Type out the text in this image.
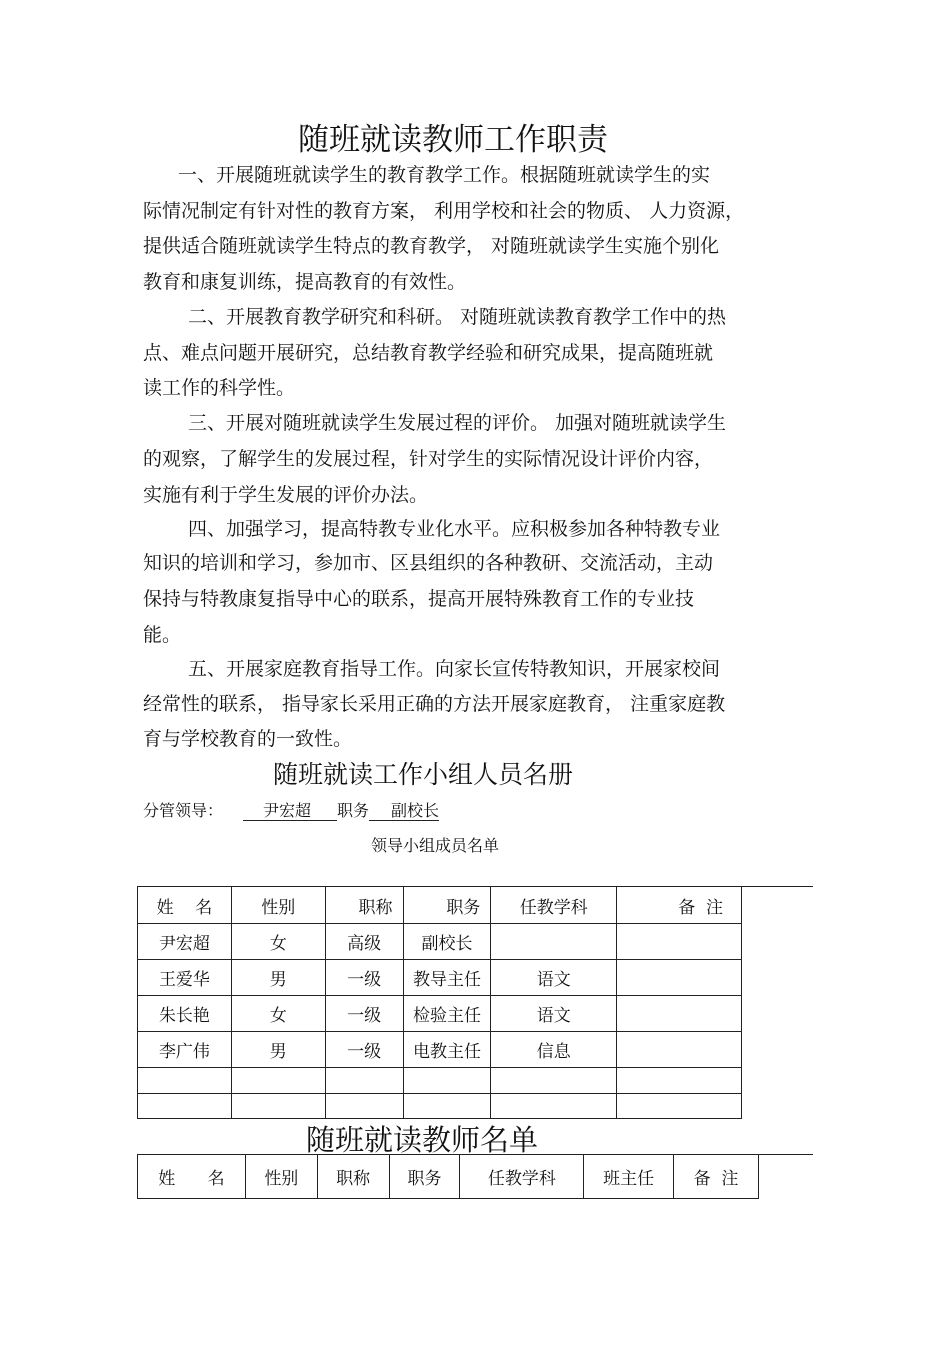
随班就读教师工作职责
一、开展随班就读学生的教育教学工作。根据随班就读学生的实
际情况制定有针对性的教育方案， 利用学校和社会的物质、 人力资源，
提供适合随班就读学生特点的教育教学， 对随班就读学生实施个别化
教育和康复训练，提高教育的有效性。
二、开展教育教学研究和科研。 对随班就读教育教学工作中的热
点、难点问题开展研究，总结教育教学经验和研究成果，提高随班就
读工作的科学性。
三、开展对随班就读学生发展过程的评价。 加强对随班就读学生
的观察，了解学生的发展过程，针对学生的实际情况设计评价内容，
实施有利于学生发展的评价办法。
四、加强学习，提高特教专业化水平。应积极参加各种特教专业
知识的培训和学习，参加市、区县组织的各种教研、交流活动，主动
保持与特教康复指导中心的联系，提高开展特殊教育工作的专业技
能。
五、开展家庭教育指导工作。向家长宣传特教知识，开展家校间
经常性的联系， 指导家长采用正确的方法开展家庭教育， 注重家庭教
育与学校教育的一致性。
随班就读工作小组人员名册
分管领导：	尹宏超 职务 副校长
领导小组成员名单
姓    名	性别	职称	职务	任教学科	备  注
尹宏超	女	高级	副校长		
王爱华	男	一级	教导主任	语文	
朱长艳	女	一级	检验主任	语文	
李广伟	男	一级	电教主任	信息	

随班就读教师名单
姓      名	性别	职称	职务	任教学科	班主任	备  注
